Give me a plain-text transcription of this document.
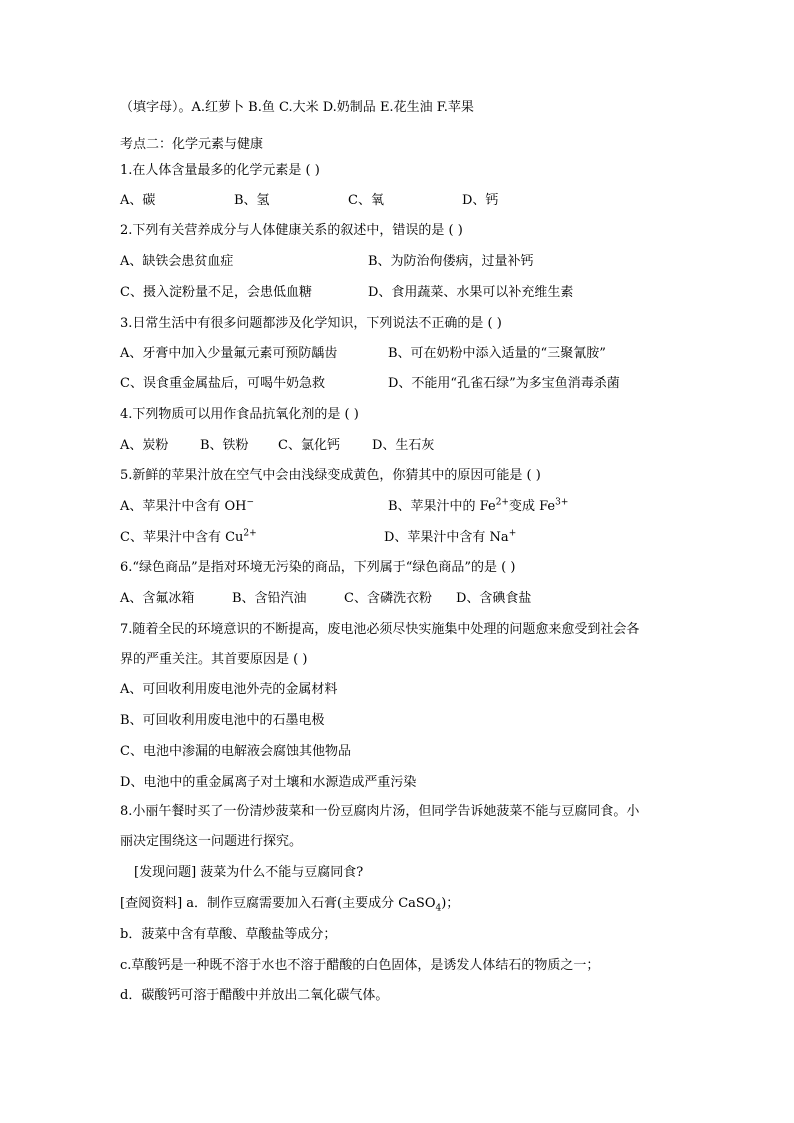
（填字母）。A.红萝卜 B.鱼 C.大米 D.奶制品 E.花生油 F.苹果
考点二：化学元素与健康
1.在人体含量最多的化学元素是 ( )
A、碳	B、氢	C、氧	D、钙
2.下列有关营养成分与人体健康关系的叙述中，错误的是 ( )
A、缺铁会患贫血症	B、为防治佝偻病，过量补钙
C、摄入淀粉量不足，会患低血糖	D、食用蔬菜、水果可以补充维生素
3.日常生活中有很多问题都涉及化学知识，下列说法不正确的是 ( )
A、牙膏中加入少量氟元素可预防龋齿	B、可在奶粉中添入适量的“三聚氰胺”
C、误食重金属盐后，可喝牛奶急救	D、不能用“孔雀石绿”为多宝鱼消毒杀菌
4.下列物质可以用作食品抗氧化剂的是 ( )
A、炭粉 B、铁粉 C、氯化钙 D、生石灰
5.新鲜的苹果汁放在空气中会由浅绿变成黄色，你猜其中的原因可能是 ( )
A、苹果汁中含有 OH−	B、苹果汁中的 $Fe^{2+}$变成 $Fe^{3+}$
C、苹果汁中含有 $Cu^{2+}$	D、苹果汁中含有 Na+
6.“绿色商品”是指对环境无污染的商品，下列属于“绿色商品”的是 ( )
A、含氟冰箱	B、含铅汽油	C、含磷洗衣粉 D、含碘食盐
7.随着全民的环境意识的不断提高，废电池必须尽快实施集中处理的问题愈来愈受到社会各
界的严重关注。其首要原因是 ( )
A、可回收利用废电池外壳的金属材料
B、可回收利用废电池中的石墨电极
C、电池中渗漏的电解液会腐蚀其他物品
D、电池中的重金属离子对土壤和水源造成严重污染
8.小丽午餐时买了一份清炒菠菜和一份豆腐肉片汤，但同学告诉她菠菜不能与豆腐同食。小
丽决定围绕这一问题进行探究。
[发现问题] 菠菜为什么不能与豆腐同食?
[查阅资料] a．制作豆腐需要加入石膏(主要成分 CaSO$_4$)；
b．菠菜中含有草酸、草酸盐等成分；
c.草酸钙是一种既不溶于水也不溶于醋酸的白色固体，是诱发人体结石的物质之一；
d．碳酸钙可溶于醋酸中并放出二氧化碳气体。
